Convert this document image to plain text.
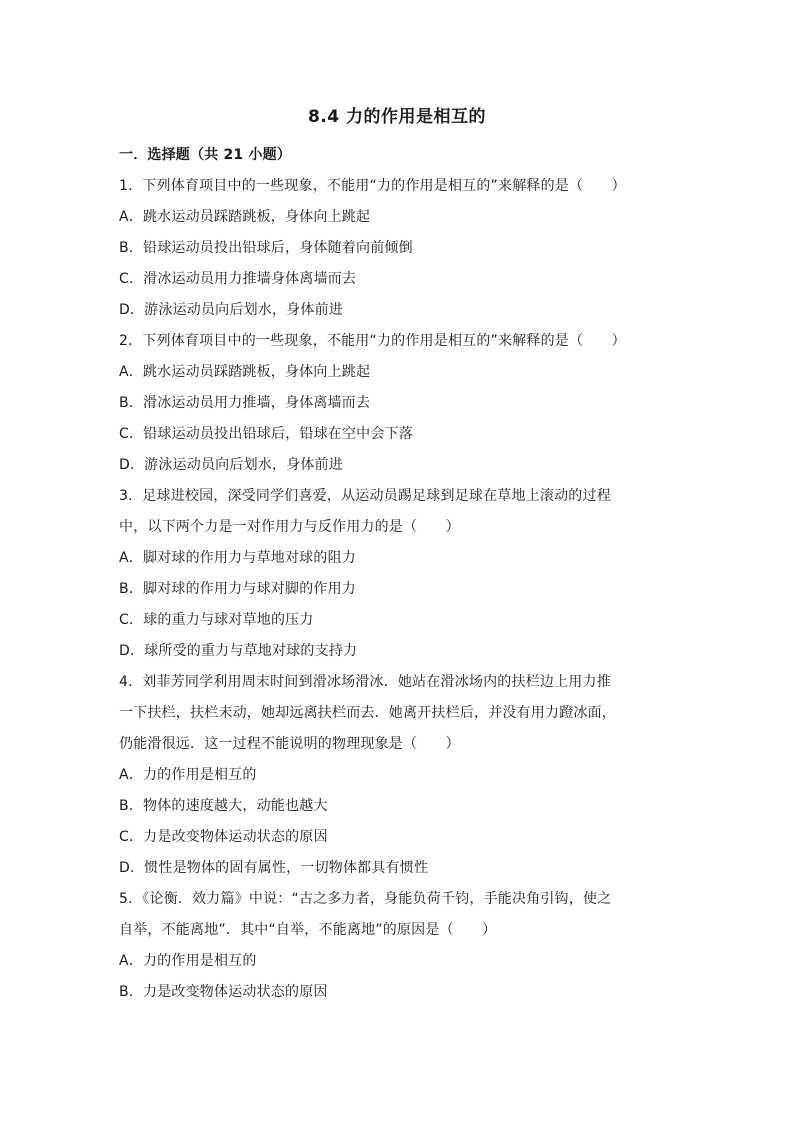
8.4 力的作用是相互的
一．选择题（共 21 小题）
1．下列体育项目中的一些现象，不能用“力的作用是相互的”来解释的是（　　）
A．跳水运动员踩踏跳板，身体向上跳起
B．铅球运动员投出铅球后，身体随着向前倾倒
C．滑冰运动员用力推墙身体离墙而去
D．游泳运动员向后划水，身体前进
2．下列体育项目中的一些现象，不能用“力的作用是相互的”来解释的是（　　）
A．跳水运动员踩踏跳板，身体向上跳起
B．滑冰运动员用力推墙，身体离墙而去
C．铅球运动员投出铅球后，铅球在空中会下落
D．游泳运动员向后划水，身体前进
3．足球进校园，深受同学们喜爱，从运动员踢足球到足球在草地上滚动的过程
中，以下两个力是一对作用力与反作用力的是（　　）
A．脚对球的作用力与草地对球的阻力
B．脚对球的作用力与球对脚的作用力
C．球的重力与球对草地的压力
D．球所受的重力与草地对球的支持力
4．刘菲芳同学利用周末时间到滑冰场滑冰．她站在滑冰场内的扶栏边上用力推
一下扶栏，扶栏未动，她却远离扶栏而去．她离开扶栏后，并没有用力蹬冰面，
仍能滑很远．这一过程不能说明的物理现象是（　　）
A．力的作用是相互的
B．物体的速度越大，动能也越大
C．力是改变物体运动状态的原因
D．惯性是物体的固有属性，一切物体都具有惯性
5．《论衡．效力篇》中说：“古之多力者，身能负荷千钧，手能决角引钩，使之
自举，不能离地”．其中“自举，不能离地”的原因是（　　）
A．力的作用是相互的
B．力是改变物体运动状态的原因
